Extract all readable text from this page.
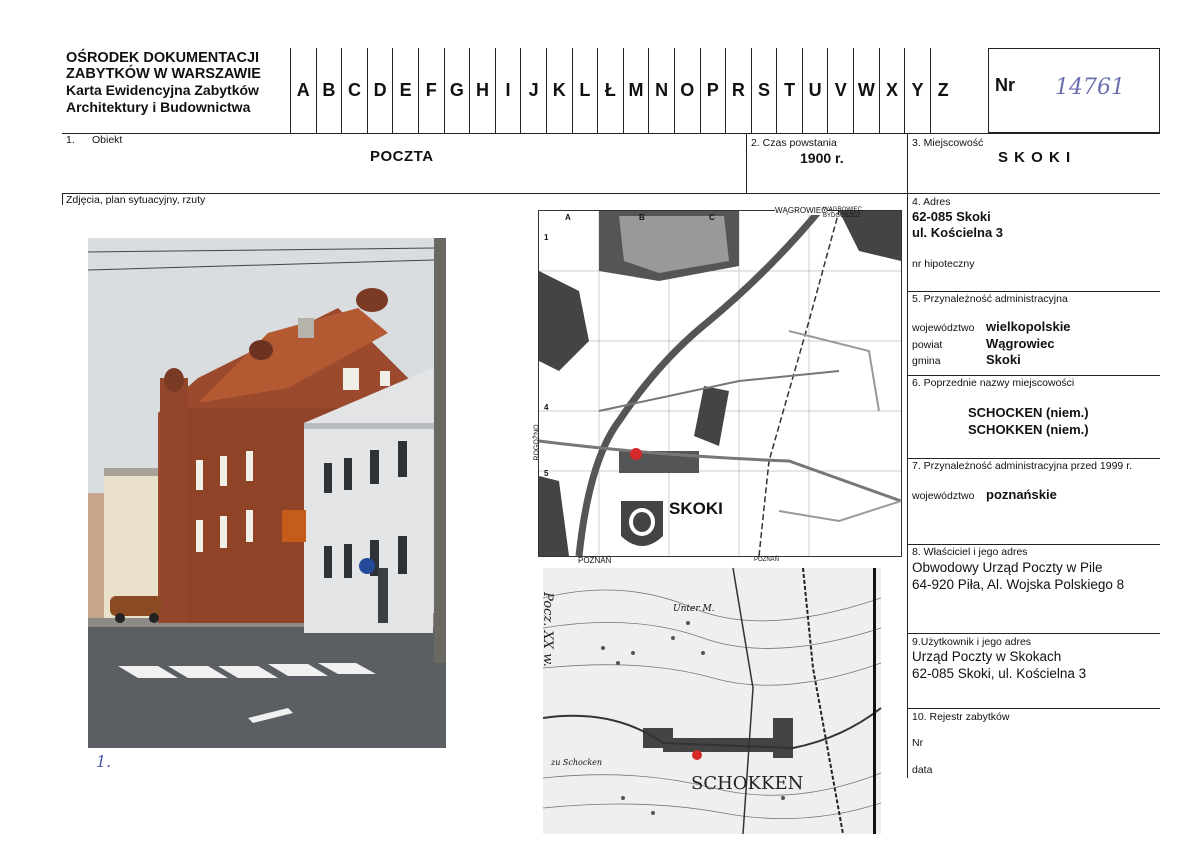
OŚRODEK DOKUMENTACJI
ZABYTKÓW W WARSZAWIE
Karta Ewidencyjna Zabytków
Architektury i Budownictwa
A B C D E F G H I	J K L Ł M N O P R S T U V W X Y Z	Nr 14761
1. Obiekt
POCZTA
2. Czas powstania
1900 r.
3. Miejscowość
S K O K I
Zdjęcia, plan sytuacyjny, rzuty	4. Adres
62-085 Skoki
ul. Kościelna 3
nr hipoteczny
5. Przynależność administracyjna
województwo wielkopolskie
powiat	Wągrowiec
gmina	Skoki
6. Poprzednie nazwy miejscowości
SCHOCKEN (niem.)
SCHOKKEN (niem.)
7. Przynależność administracyjna przed 1999 r.
województwo poznańskie
8. Właściciel i jego adres
Obwodowy Urząd Poczty w Pile
64-920 Piła, Al. Wojska Polskiego 8
9.Użytkownik i jego adres
Urząd Poczty w Skokach
62-085 Skoki, ul. Kościelna 3
10. Rejestr zabytków
Nr
data
1.
SKOKI
WĄGROWIEC
WĄGROWIEC, BYDGOSZCZ
A	B	C
1
4
5
ROGOŹNO
POZNAŃ	POZNAŃ
SCHOKKEN
Unter M.
zu Schocken
Pocz. XX w.
